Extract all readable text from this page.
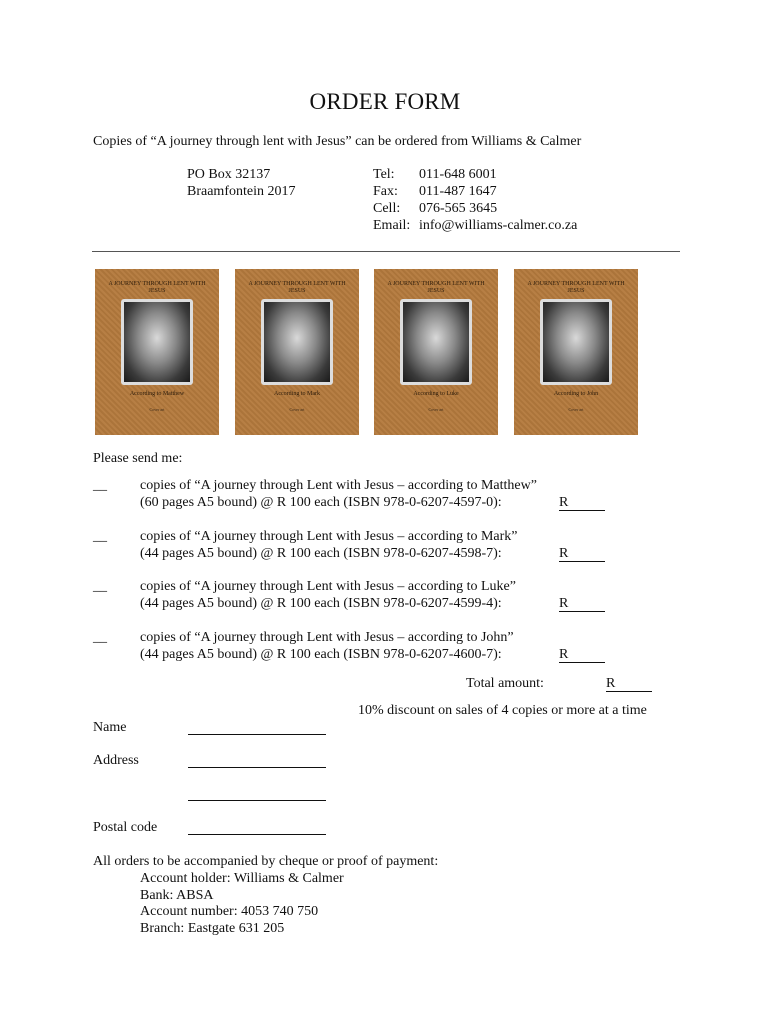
ORDER FORM
Copies of “A journey through lent with Jesus” can be ordered from Williams & Calmer
PO Box 32137
Braamfontein 2017
Tel: 011-648 6001
Fax: 011-487 1647
Cell: 076-565 3645
Email: info@williams-calmer.co.za
A JOURNEY THROUGH LENT WITH JESUS
According to Matthew
Cover art
A JOURNEY THROUGH LENT WITH JESUS
According to Mark
Cover art
A JOURNEY THROUGH LENT WITH JESUS
According to Luke
Cover art
A JOURNEY THROUGH LENT WITH JESUS
According to John
Cover art
Please send me:
__ copies of “A journey through Lent with Jesus – according to Matthew”
(60 pages A5 bound) @ R 100 each (ISBN 978-0-6207-4597-0):	R
__ copies of “A journey through Lent with Jesus – according to Mark”
(44 pages A5 bound) @ R 100 each (ISBN 978-0-6207-4598-7):	R
__ copies of “A journey through Lent with Jesus – according to Luke”
(44 pages A5 bound) @ R 100 each (ISBN 978-0-6207-4599-4):	R
__ copies of “A journey through Lent with Jesus – according to John”
(44 pages A5 bound) @ R 100 each (ISBN 978-0-6207-4600-7):	R
Total amount:	R
10% discount on sales of 4 copies or more at a time
Name
Address
Postal code
All orders to be accompanied by cheque or proof of payment:
Account holder: Williams & Calmer
Bank: ABSA
Account number: 4053 740 750
Branch: Eastgate 631 205
